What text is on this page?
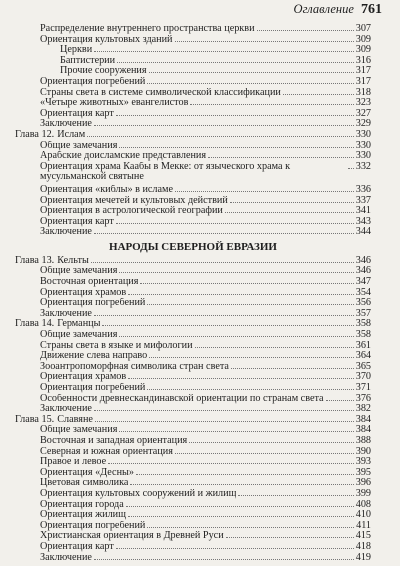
Оглавление 761
Распределение внутреннего пространства церкви	307
Ориентация культовых зданий	309
Церкви	309
Баптистерии	316
Прочие сооружения	317
Ориентация погребений	317
Страны света в системе символической классификации	318
«Четыре животных» евангелистов	323
Ориентация карт	327
Заключение	329
Глава 12. Ислам	330
Общие замечания	330
Арабские доисламские представления	330
Ориентация храма Каабы в Мекке: от языческого храма к мусульманской святыне
332
Ориентация «киблы» в исламе	336
Ориентация мечетей и культовых действий	337
Ориентация в астрологической географии	341
Ориентация карт	343
Заключение	344
НАРОДЫ СЕВЕРНОЙ ЕВРАЗИИ
Глава 13. Кельты	346
Общие замечания	346
Восточная ориентация	347
Ориентация храмов	354
Ориентация погребений	356
Заключение	357
Глава 14. Германцы	358
Общие замечания	358
Страны света в языке и мифологии	361
Движение слева направо	364
Зооантропоморфная символика стран света	365
Ориентация храмов	370
Ориентация погребений	371
Особенности древнескандинавской ориентации по странам света	376
Заключение	382
Глава 15. Славяне	384
Общие замечания	384
Восточная и западная ориентация	388
Северная и южная ориентация	390
Правое и левое	393
Ориентация «Десны»	395
Цветовая символика	396
Ориентация культовых сооружений и жилищ	399
Ориентация города	408
Ориентация жилищ	410
Ориентация погребений	411
Христианская ориентация в Древней Руси	415
Ориентация карт	418
Заключение	419
